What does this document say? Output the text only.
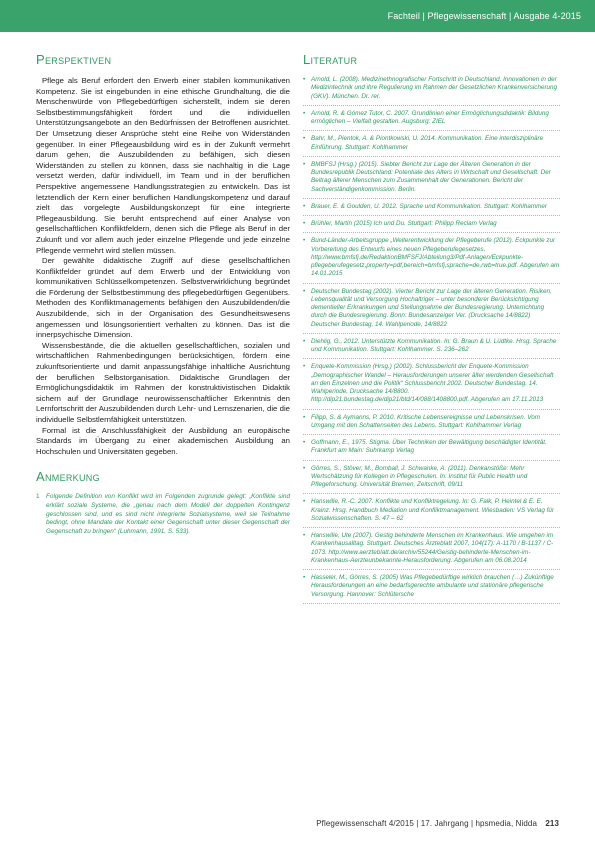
Fachteil | Pflegewissenschaft | Ausgabe 4-2015
Perspektiven

Pflege als Beruf erfordert den Erwerb einer stabilen kommunikativen Kompetenz. Sie ist eingebunden in eine ethische Grundhaltung, die die Menschenwürde von Pflegebedürftigen sicherstellt, indem sie deren Selbstbestimmungsfähigkeit fördert und die individuellen Unterstützungsangebote an den Bedürfnissen der Betroffenen ausrichtet. Der Umsetzung dieser Ansprüche steht eine Reihe von Widerständen gegenüber. In einer Pflegeausbildung wird es in der Zukunft vermehrt darum gehen, die Auszubildenden zu befähigen, sich diesen Widerständen zu stellen zu können, dass sie nachhaltig in die Lage versetzt werden, dafür individuell, im Team und in der beruflichen Perspektive angemessene Handlungsstrategien zu entwickeln. Das ist letztendlich der Kern einer beruflichen Handlungskompetenz und darauf zielt das vorgelegte Ausbildungskonzept für eine integrierte Pflegeausbildung. Sie beruht entsprechend auf einer Analyse von gesellschaftlichen Konfliktfeldern, denen sich die Pflege als Beruf in der Zukunft und vor allem auch jeder einzelne Pflegende und jede einzelne Pflegende vermehrt wird stellen müssen.

Der gewählte didaktische Zugriff auf diese gesellschaftlichen Konfliktfelder gründet auf dem Erwerb und der Entwicklung von kommunikativen Schlüsselkompetenzen. Selbstverwirklichung begründet die Förderung der Selbstbestimmung des pflegebedürftigen Gegenübers. Methoden des Konfliktmanagements befähigen den Auszubildenden/die Auszubildende, sich in der Organisation des Gesundheitswesens angemessen und lösungsorientiert verhalten zu können. Das ist die innerpsychische Dimension.

Wissensbestände, die die aktuellen gesellschaftlichen, sozialen und wirtschaftlichen Rahmenbedingungen berücksichtigen, fördern eine zukunftsorientierte und damit anpassungsfähige inhaltliche Ausrichtung der beruflichen Selbstorganisation. Didaktische Grundlagen der Ermöglichungsdidaktik im Rahmen der konstruktivistischen Didaktik sichern auf der Grundlage neurowissenschaftlicher Erkenntnis den Lernfortschritt der Auszubildenden durch Lehr- und Lernszenarien, die die individuelle Selbstlernfähigkeit unterstützen.

Formal ist die Anschlussfähigkeit der Ausbildung an europäische Standards im Übergang zu einer akademischen Ausbildung an Hochschulen und Universitäten gegeben.

Anmerkung
1 Folgende Definition von Konflikt wird im Folgenden zugrunde gelegt: „Konflikte sind erklärt soziale Systeme, die „genau nach dem Modell der doppelten Kontingenz geschlossen sind, und es sind nicht integrierte Sozialsysteme, weil sie Teilnahme bedingt, ohne Mandate der Kontakt einer Gegenschaft unter dieser Gegenschaft der Gegenschaft zu bringen“ (Luhmann, 1991, S. 533).
Literatur
• Arnold, L. (2008). Medizinethnografischer Fortschritt in Deutschland. Innovationen in der Medizintechnik und ihre Regulierung im Rahmen der Gesetzlichen Krankenversicherung (GKV). München. Dr. rer.
• Arnold, R. & Gómez Tutor, C. 2007. Grundlinien einer Ermöglichungsdidaktik: Bildung ermöglichen – Vielfalt gestalten. Augsburg: ZIEL
• Bahr, M., Pientok, A. & Piontkowski, U. 2014. Kommunikation. Eine interdisziplinäre Einführung. Stuttgart: Kohlhammer
• BMBFSJ (Hrsg.) (2015). Siebter Bericht zur Lage der Älteren Generation in der Bundesrepublik Deutschland: Potentiale des Alters in Wirtschaft und Gesellschaft. Der Beitrag älterer Menschen zum Zusammenhalt der Generationen. Bericht der Sachverständigenkommission. Berlin.
• Brauer, E. & Goulden, U. 2012. Sprache und Kommunikation. Stuttgart: Kohlhammer
• Brühler, Martin (2015) Ich und Du. Stuttgart: Philipp Reclam Verlag
• Bund-Länder-Arbeitsgruppe „Weiterentwicklung der Pflegeberufe (2012). Eckpunkte zur Vorbereitung des Entwurfs eines neuen Pflegeberufegesetzes. http://www.bmfsfj.de/RedaktionBMFSFJ/Abteilung3/Pdf-Anlagen/Eckpunkte-pflegeberufegesetz,property=pdf,bereich=bmfsfj,sprache=de,rwb=true.pdf. Abgerufen am 14.01.2015
• Deutscher Bundestag (2002). Vierter Bericht zur Lage der älteren Generation. Risiken, Lebensqualität und Versorgung Hochaltriger – unter besonderer Berücksichtigung dementieller Erkrankungen und Stellungnahme der Bundesregierung. Unterrichtung durch die Bundesregierung. Bonn: Bundesanzeiger Ver. (Drucksache 14/8822) Deutscher Bundestag, 14. Wahlperiode, 14/8822
• Diehlig, G., 2012. Unterstützte Kommunikation. In: G. Braun & U. Lüdtke. Hrsg. Sprache und Kommunikation. Stuttgart: Kohlhammer. S. 236–262
• Enquete-Kommission (Hrsg.) (2002). Schlussbericht der Enquete-Kommission „Demographischer Wandel – Herausforderungen unserer älter werdenden Gesellschaft an den Einzelnen und die Politik“ Schlussbericht 2002. Deutscher Bundestag. 14. Wahlperiode, Drucksache 14/8800. http://dip21.bundestag.de/dip21/btd/14/088/1408800.pdf. Abgerufen am 17.11.2013
• Filipp, S. & Aymanns, P. 2010. Kritische Lebensereignisse und Lebenskrisen. Vom Umgang mit den Schattenseiten des Lebens. Stuttgart: Kohlhammer Verlag
• Goffmann, E., 1975. Stigma. Über Techniken der Bewältigung beschädigter Identität. Frankfurt am Main: Suhrkamp Verlag
• Görres, S., Stöver, M., Bomball, J. Schwanke, A. (2011). Denkanstöße: Mehr Wertschätzung für Kollegen in Pflegeschulen. In: Institut für Public Health und Pflegeforschung. Universität Bremen, Zeitschrift, 09/11
• Hanswille, R.-C. 2007. Konflikte und Konfliktregelung. In: G. Falk, P. Heintel & E. E. Krainz. Hrsg. Handbuch Mediation und Konfliktmanagement. Wiesbaden: VS Verlag für Sozialwissenschaften. S. 47 – 62
• Hanswille, Ute (2007). Gestig behinderte Menschen im Krankenhaus. Wie umgehen im Krankenhausalltag. Stuttgart. Deutsches Ärzteblatt 2007, 104(17): A-1170 / B-1137 / C-1073. http://www.aerzteblatt.de/archiv/55244/Geistig-behinderte-Menschen-im-Krankenhaus-Aerzteunbekannte-Herausforderung. Abgerufen am 06.08.2014
• Hasseler, M., Görres, S. (2005) Was Pflegebedürftige wirklich brauchen (…) Zukünftige Herausforderungen an eine bedarfsgerechte ambulante und stationäre pflegerische Versorgung. Hannover: Schlütersche
Pflegewissenschaft 4/2015 | 17. Jahrgang | hpsmedia, Nidda 213
